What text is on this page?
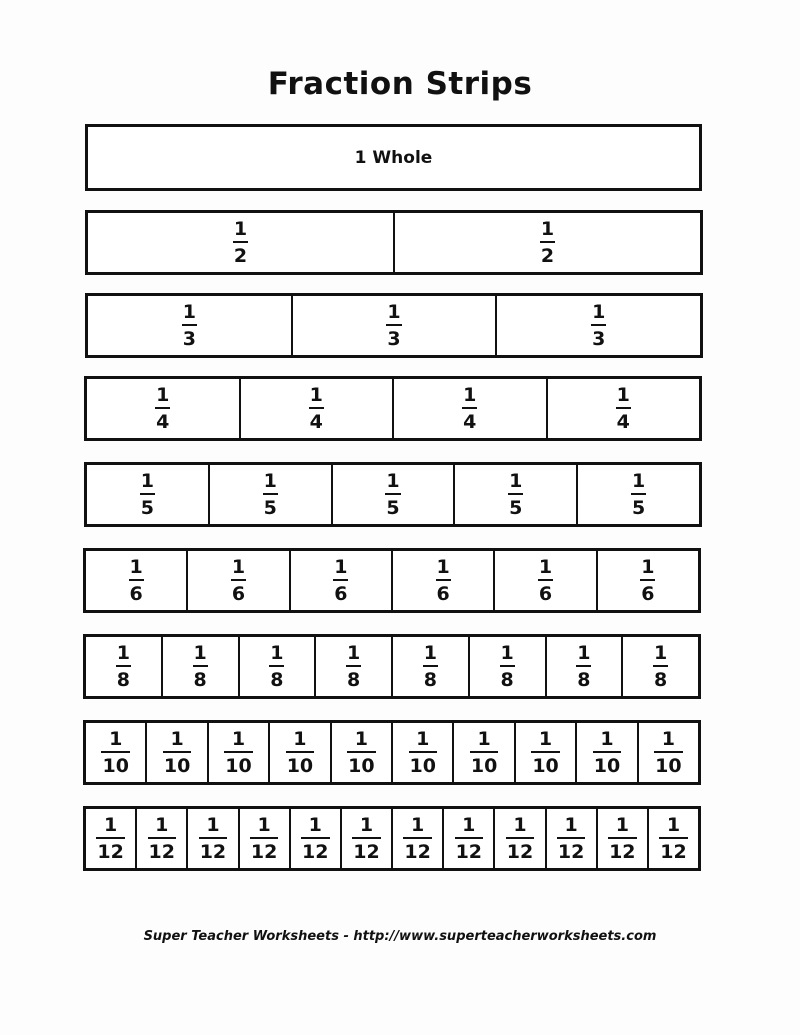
Fraction Strips
1 Whole
$\frac{1}{2}$	$\frac{1}{2}$
$\frac{1}{3}$	$\frac{1}{3}$	$\frac{1}{3}$
$\frac{1}{4}$	$\frac{1}{4}$	$\frac{1}{4}$	$\frac{1}{4}$
$\frac{1}{5}$	$\frac{1}{5}$	$\frac{1}{5}$	$\frac{1}{5}$	$\frac{1}{5}$
$\frac{1}{6}$	$\frac{1}{6}$	$\frac{1}{6}$	$\frac{1}{6}$	$\frac{1}{6}$	$\frac{1}{6}$
$\frac{1}{8}$	$\frac{1}{8}$	$\frac{1}{8}$	$\frac{1}{8}$	$\frac{1}{8}$	$\frac{1}{8}$	$\frac{1}{8}$	$\frac{1}{8}$
$\frac{1}{10} \frac{1}{10} \frac{1}{10} \frac{1}{10} \frac{1}{10} \frac{1}{10} \frac{1}{10} \frac{1}{10} \frac{1}{10} \frac{1}{10}$
$\frac{1}{12} \frac{1}{12} \frac{1}{12} \frac{1}{12} \frac{1}{12} \frac{1}{12} \frac{1}{12} \frac{1}{12} \frac{1}{12} \frac{1}{12} \frac{1}{12} \frac{1}{12}$
Super Teacher Worksheets - http://www.superteacherworksheets.com
